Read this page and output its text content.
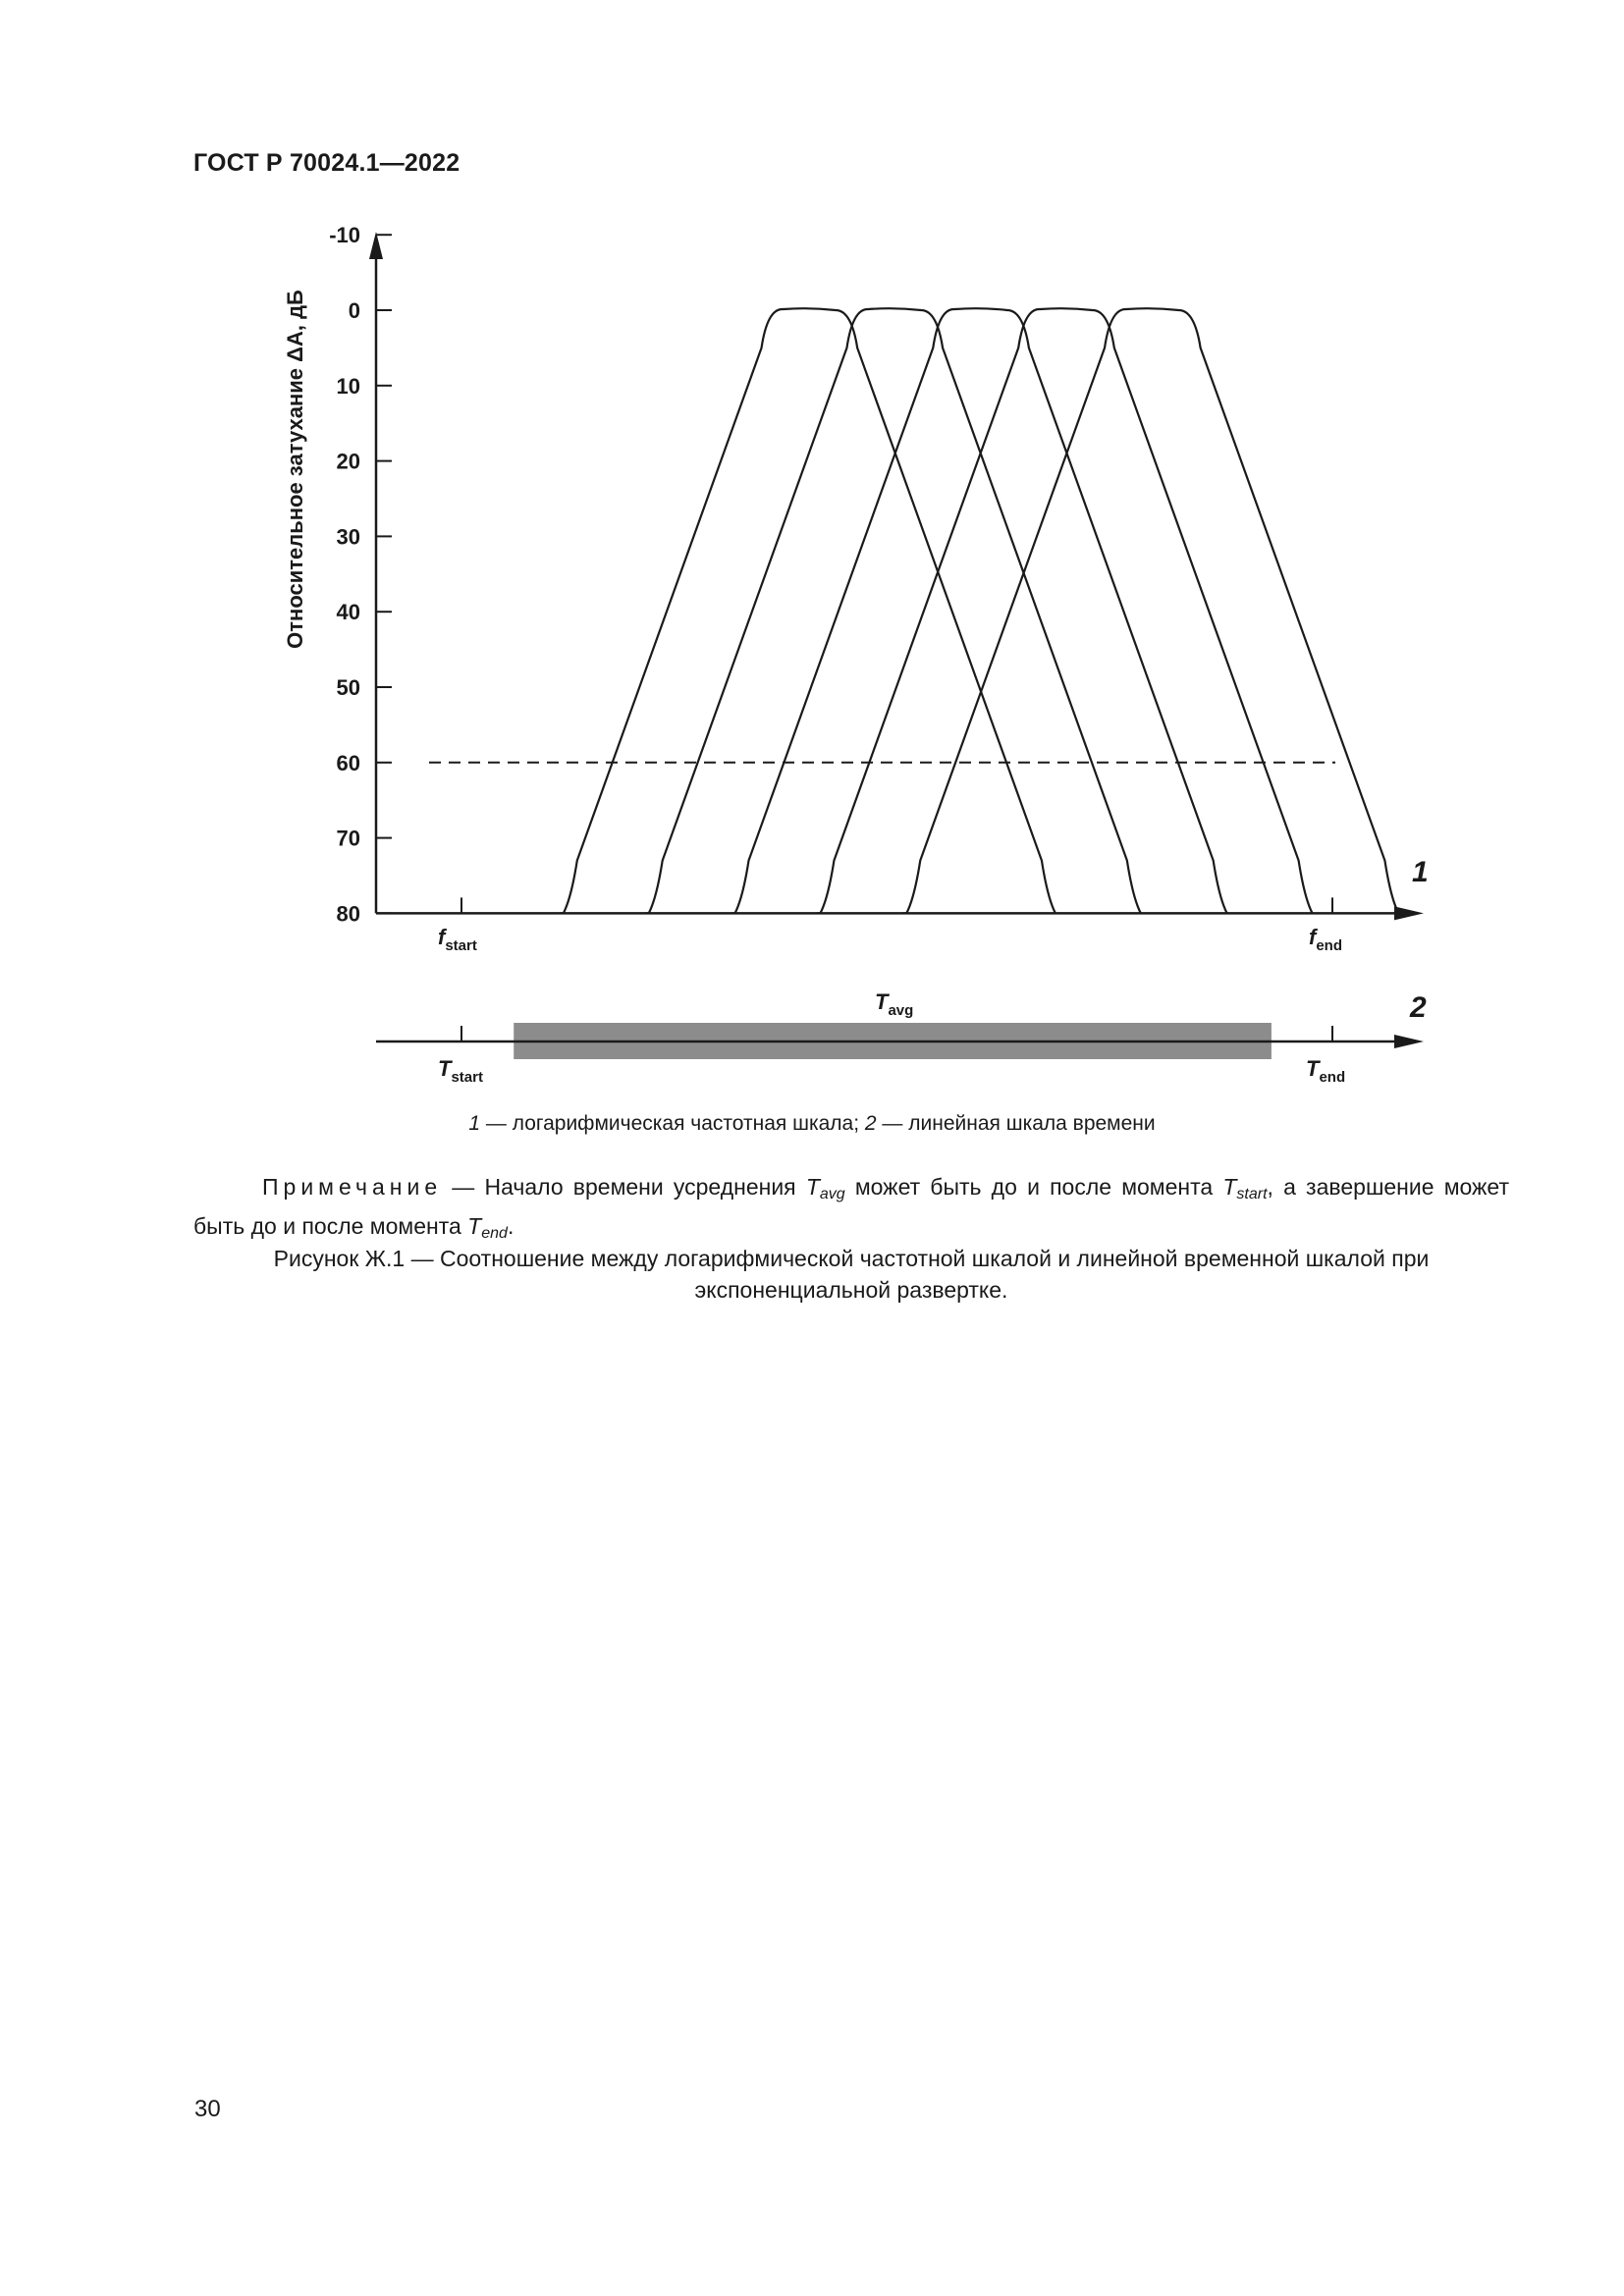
ГОСТ Р 70024.1—2022
-10
0
10
20
30
40
50
60
70
80
Относительное затухание ΔA, дБ
$f_{start}$	$f_{end}$
1
$T_{start}$	$T_{end}$
$T_{avg}$	2
1 — логарифмическая частотная шкала; 2 — линейная шкала времени
Примечание — Начало времени усреднения $T_{avg}$ может быть до и после момента $T_{start}$, а завершение может быть до и после момента $T_{end}$.
Рисунок Ж.1 — Соотношение между логарифмической частотной шкалой и линейной временной шкалой при экспоненциальной развертке.
30
